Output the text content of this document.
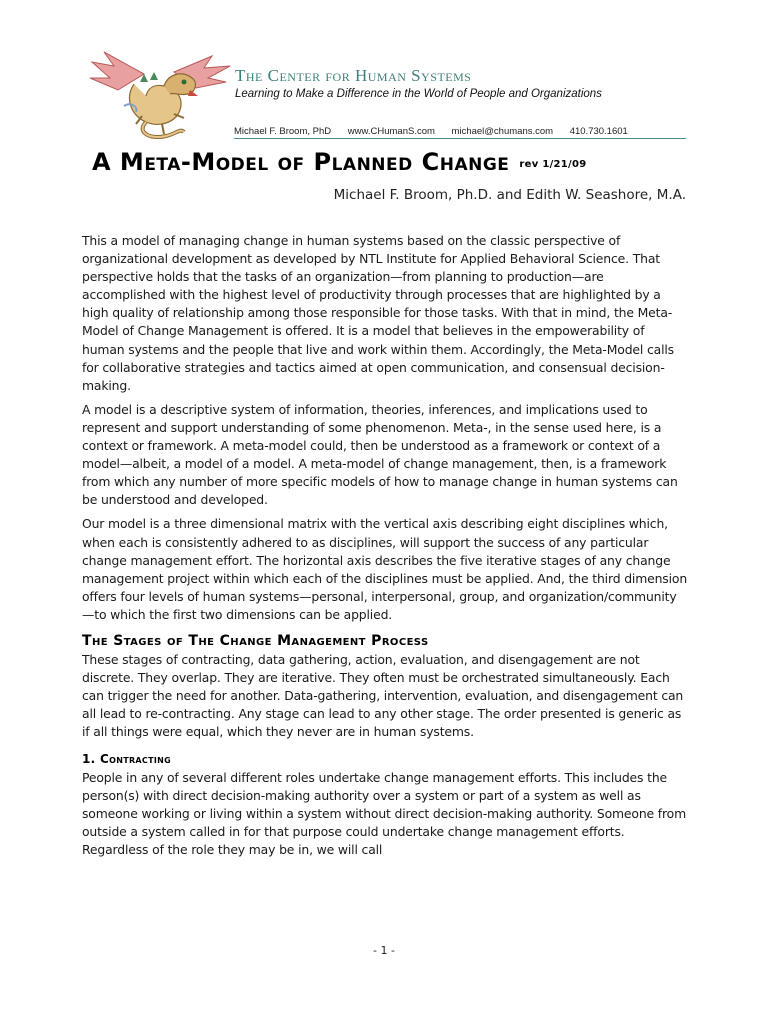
The Center for Human Systems
Learning to Make a Difference in the World of People and Organizations
Michael F. Broom, PhD www.CHumanS.com michael@chumans.com 410.730.1601
A Meta-Model of Planned Change rev 1/21/09
Michael F. Broom, Ph.D. and Edith W. Seashore, M.A.

This a model of managing change in human systems based on the classic perspective of organizational development as developed by NTL Institute for Applied Behavioral Science. That perspective holds that the tasks of an organization—from planning to production—are accomplished with the highest level of productivity through processes that are highlighted by a high quality of relationship among those responsible for those tasks. With that in mind, the Meta-Model of Change Management is offered. It is a model that believes in the empowerability of human systems and the people that live and work within them. Accordingly, the Meta-Model calls for collaborative strategies and tactics aimed at open communication, and consensual decision-making.

A model is a descriptive system of information, theories, inferences, and implications used to represent and support understanding of some phenomenon. Meta-, in the sense used here, is a context or framework. A meta-model could, then be understood as a framework or context of a model—albeit, a model of a model. A meta-model of change management, then, is a framework from which any number of more specific models of how to manage change in human systems can be understood and developed.

Our model is a three dimensional matrix with the vertical axis describing eight disciplines which, when each is consistently adhered to as disciplines, will support the success of any particular change management effort. The horizontal axis describes the five iterative stages of any change management project within which each of the disciplines must be applied. And, the third dimension offers four levels of human systems—personal, interpersonal, group, and organization/community—to which the first two dimensions can be applied.

The Stages of The Change Management Process

These stages of contracting, data gathering, action, evaluation, and disengagement are not discrete. They overlap. They are iterative. They often must be orchestrated simultaneously. Each can trigger the need for another. Data-gathering, intervention, evaluation, and disengagement can all lead to re-contracting. Any stage can lead to any other stage. The order presented is generic as if all things were equal, which they never are in human systems.

1. Contracting

People in any of several different roles undertake change management efforts. This includes the person(s) with direct decision-making authority over a system or part of a system as well as someone working or living within a system without direct decision-making authority. Someone from outside a system called in for that purpose could undertake change management efforts. Regardless of the role they may be in, we will call

- 1 -
